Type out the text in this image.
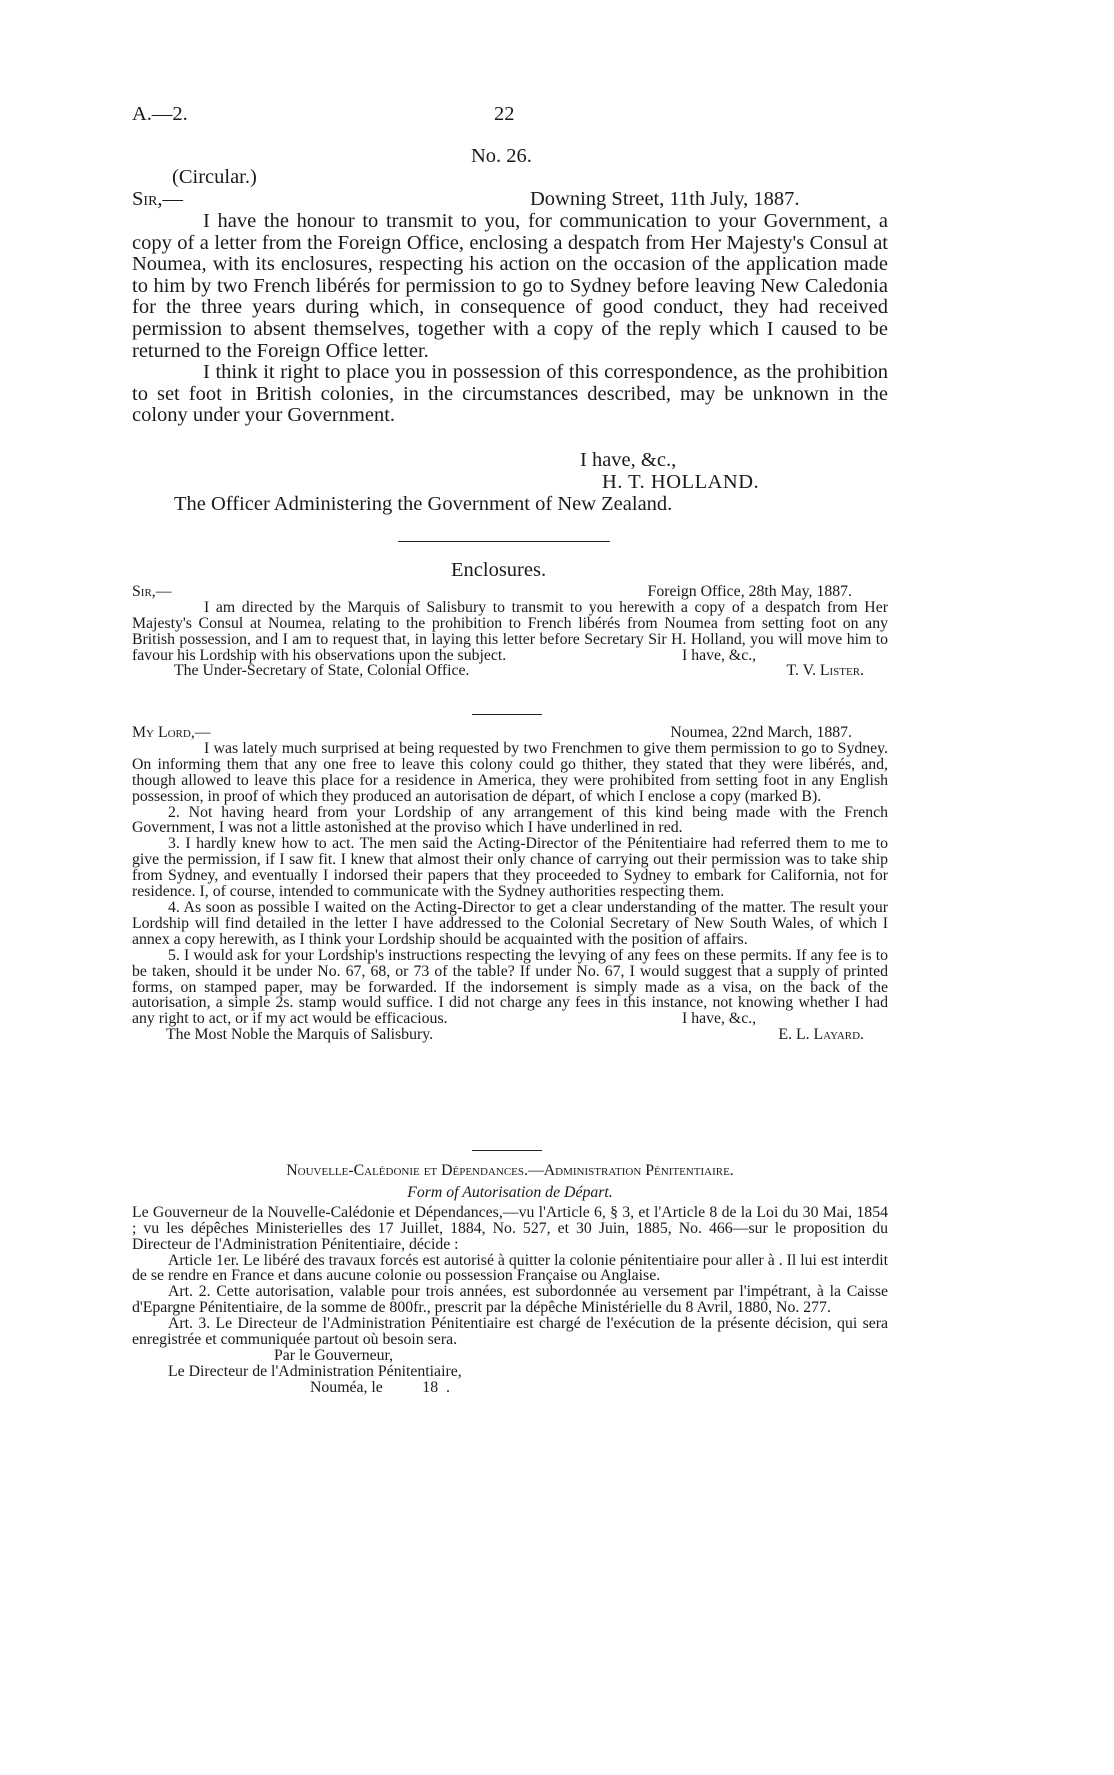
A.—2.	22
No. 26.
(Circular.)
Sir,—	Downing Street, 11th July, 1887.

I have the honour to transmit to you, for communication to your Government, a copy of a letter from the Foreign Office, enclosing a despatch from Her Majesty's Consul at Noumea, with its enclosures, respecting his action on the occasion of the application made to him by two French libérés for permission to go to Sydney before leaving New Caledonia for the three years during which, in consequence of good conduct, they had received permission to absent themselves, together with a copy of the reply which I caused to be returned to the Foreign Office letter.

I think it right to place you in possession of this correspondence, as the prohibition to set foot in British colonies, in the circumstances described, may be unknown in the colony under your Government.

I have, &c.,
H. T. HOLLAND.
The Officer Administering the Government of New Zealand.
Enclosures.
Sir,—	Foreign Office, 28th May, 1887.

I am directed by the Marquis of Salisbury to transmit to you herewith a copy of a despatch from Her Majesty's Consul at Noumea, relating to the prohibition to French libérés from Noumea from setting foot on any British possession, and I am to request that, in laying this letter before Secretary Sir H. Holland, you will move him to favour his Lordship with his observations upon the subject.	I have, &c.,
The Under-Secretary of State, Colonial Office.	T. V. Lister.
My Lord,—	Noumea, 22nd March, 1887.

I was lately much surprised at being requested by two Frenchmen to give them permission to go to Sydney. On informing them that any one free to leave this colony could go thither, they stated that they were libérés, and, though allowed to leave this place for a residence in America, they were prohibited from setting foot in any English possession, in proof of which they produced an autorisation de départ, of which I enclose a copy (marked B).

2. Not having heard from your Lordship of any arrangement of this kind being made with the French Government, I was not a little astonished at the proviso which I have underlined in red.

3. I hardly knew how to act. The men said the Acting-Director of the Pénitentiaire had referred them to me to give the permission, if I saw fit. I knew that almost their only chance of carrying out their permission was to take ship from Sydney, and eventually I indorsed their papers that they proceeded to Sydney to embark for California, not for residence. I, of course, intended to communicate with the Sydney authorities respecting them.

4. As soon as possible I waited on the Acting-Director to get a clear understanding of the matter. The result your Lordship will find detailed in the letter I have addressed to the Colonial Secretary of New South Wales, of which I annex a copy herewith, as I think your Lordship should be acquainted with the position of affairs.

5. I would ask for your Lordship's instructions respecting the levying of any fees on these permits. If any fee is to be taken, should it be under No. 67, 68, or 73 of the table? If under No. 67, I would suggest that a supply of printed forms, on stamped paper, may be forwarded. If the indorsement is simply made as a visa, on the back of the autorisation, a simple 2s. stamp would suffice. I did not charge any fees in this instance, not knowing whether I had any right to act, or if my act would be efficacious.	I have, &c.,
The Most Noble the Marquis of Salisbury.	E. L. Layard.
Nouvelle-Calédonie et Dépendances.—Administration Pénitentiaire.
Form of Autorisation de Départ.

Le Gouverneur de la Nouvelle-Calédonie et Dépendances,—vu l'Article 6, § 3, et l'Article 8 de la Loi du 30 Mai, 1854 ; vu les dépêches Ministerielles des 17 Juillet, 1884, No. 527, et 30 Juin, 1885, No. 466—sur le proposition du Directeur de l'Administration Pénitentiaire, décide :

Article 1er. Le libéré des travaux forcés est autorisé à quitter la colonie pénitentiaire pour aller à . Il lui est interdit de se rendre en France et dans aucune colonie ou possession Française ou Anglaise.

Art. 2. Cette autorisation, valable pour trois années, est subordonnée au versement par l'impétrant, à la Caisse d'Epargne Pénitentiaire, de la somme de 800fr., prescrit par la dépêche Ministérielle du 8 Avril, 1880, No. 277.

Art. 3. Le Directeur de l'Administration Pénitentiaire est chargé de l'exécution de la présente décision, qui sera enregistrée et communiquée partout où besoin sera.

Par le Gouverneur,
Le Directeur de l'Administration Pénitentiaire,
Nouméa, le          18  .
